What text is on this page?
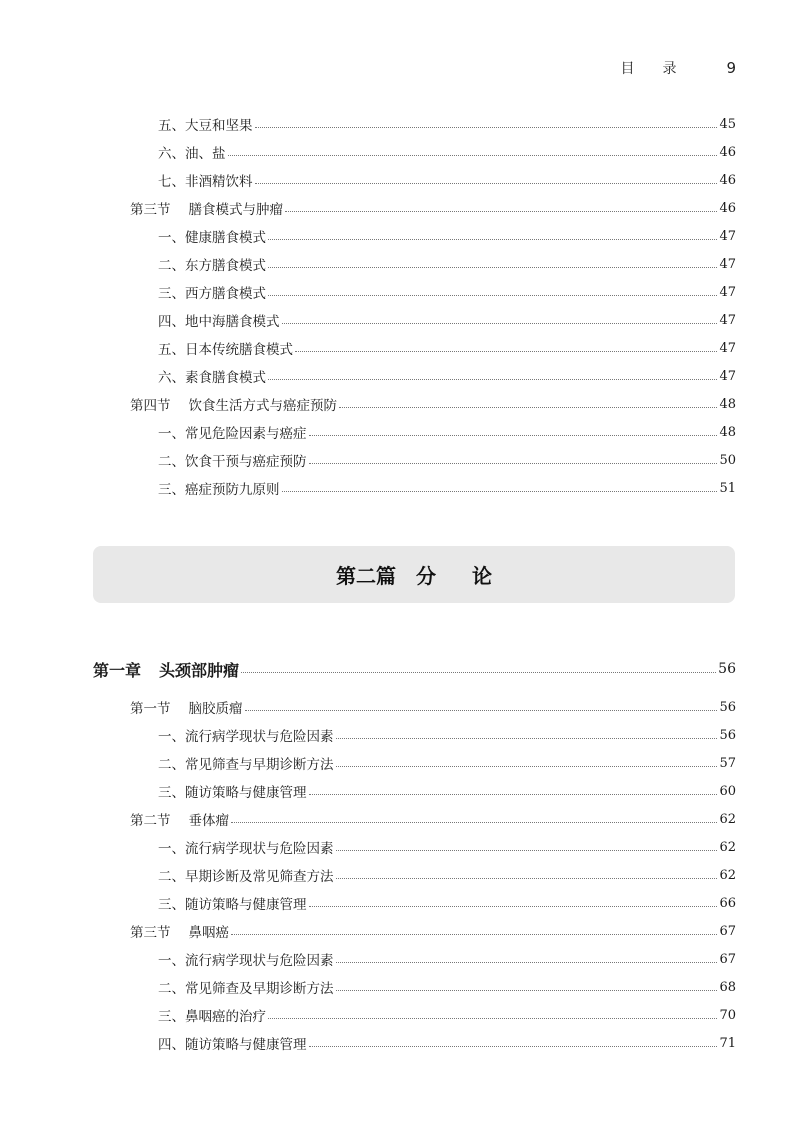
目录 9
五、大豆和坚果	45
六、油、盐	46
七、非酒精饮料	46
第三节 膳食模式与肿瘤	46
一、健康膳食模式	47
二、东方膳食模式	47
三、西方膳食模式	47
四、地中海膳食模式	47
五、日本传统膳食模式	47
六、素食膳食模式	47
第四节 饮食生活方式与癌症预防	48
一、常见危险因素与癌症	48
二、饮食干预与癌症预防	50
三、癌症预防九原则	51
第二篇 分 论
第一章 头颈部肿瘤	56
第一节 脑胶质瘤	56
一、流行病学现状与危险因素	56
二、常见筛查与早期诊断方法	57
三、随访策略与健康管理	60
第二节 垂体瘤	62
一、流行病学现状与危险因素	62
二、早期诊断及常见筛查方法	62
三、随访策略与健康管理	66
第三节 鼻咽癌	67
一、流行病学现状与危险因素	67
二、常见筛查及早期诊断方法	68
三、鼻咽癌的治疗	70
四、随访策略与健康管理	71
